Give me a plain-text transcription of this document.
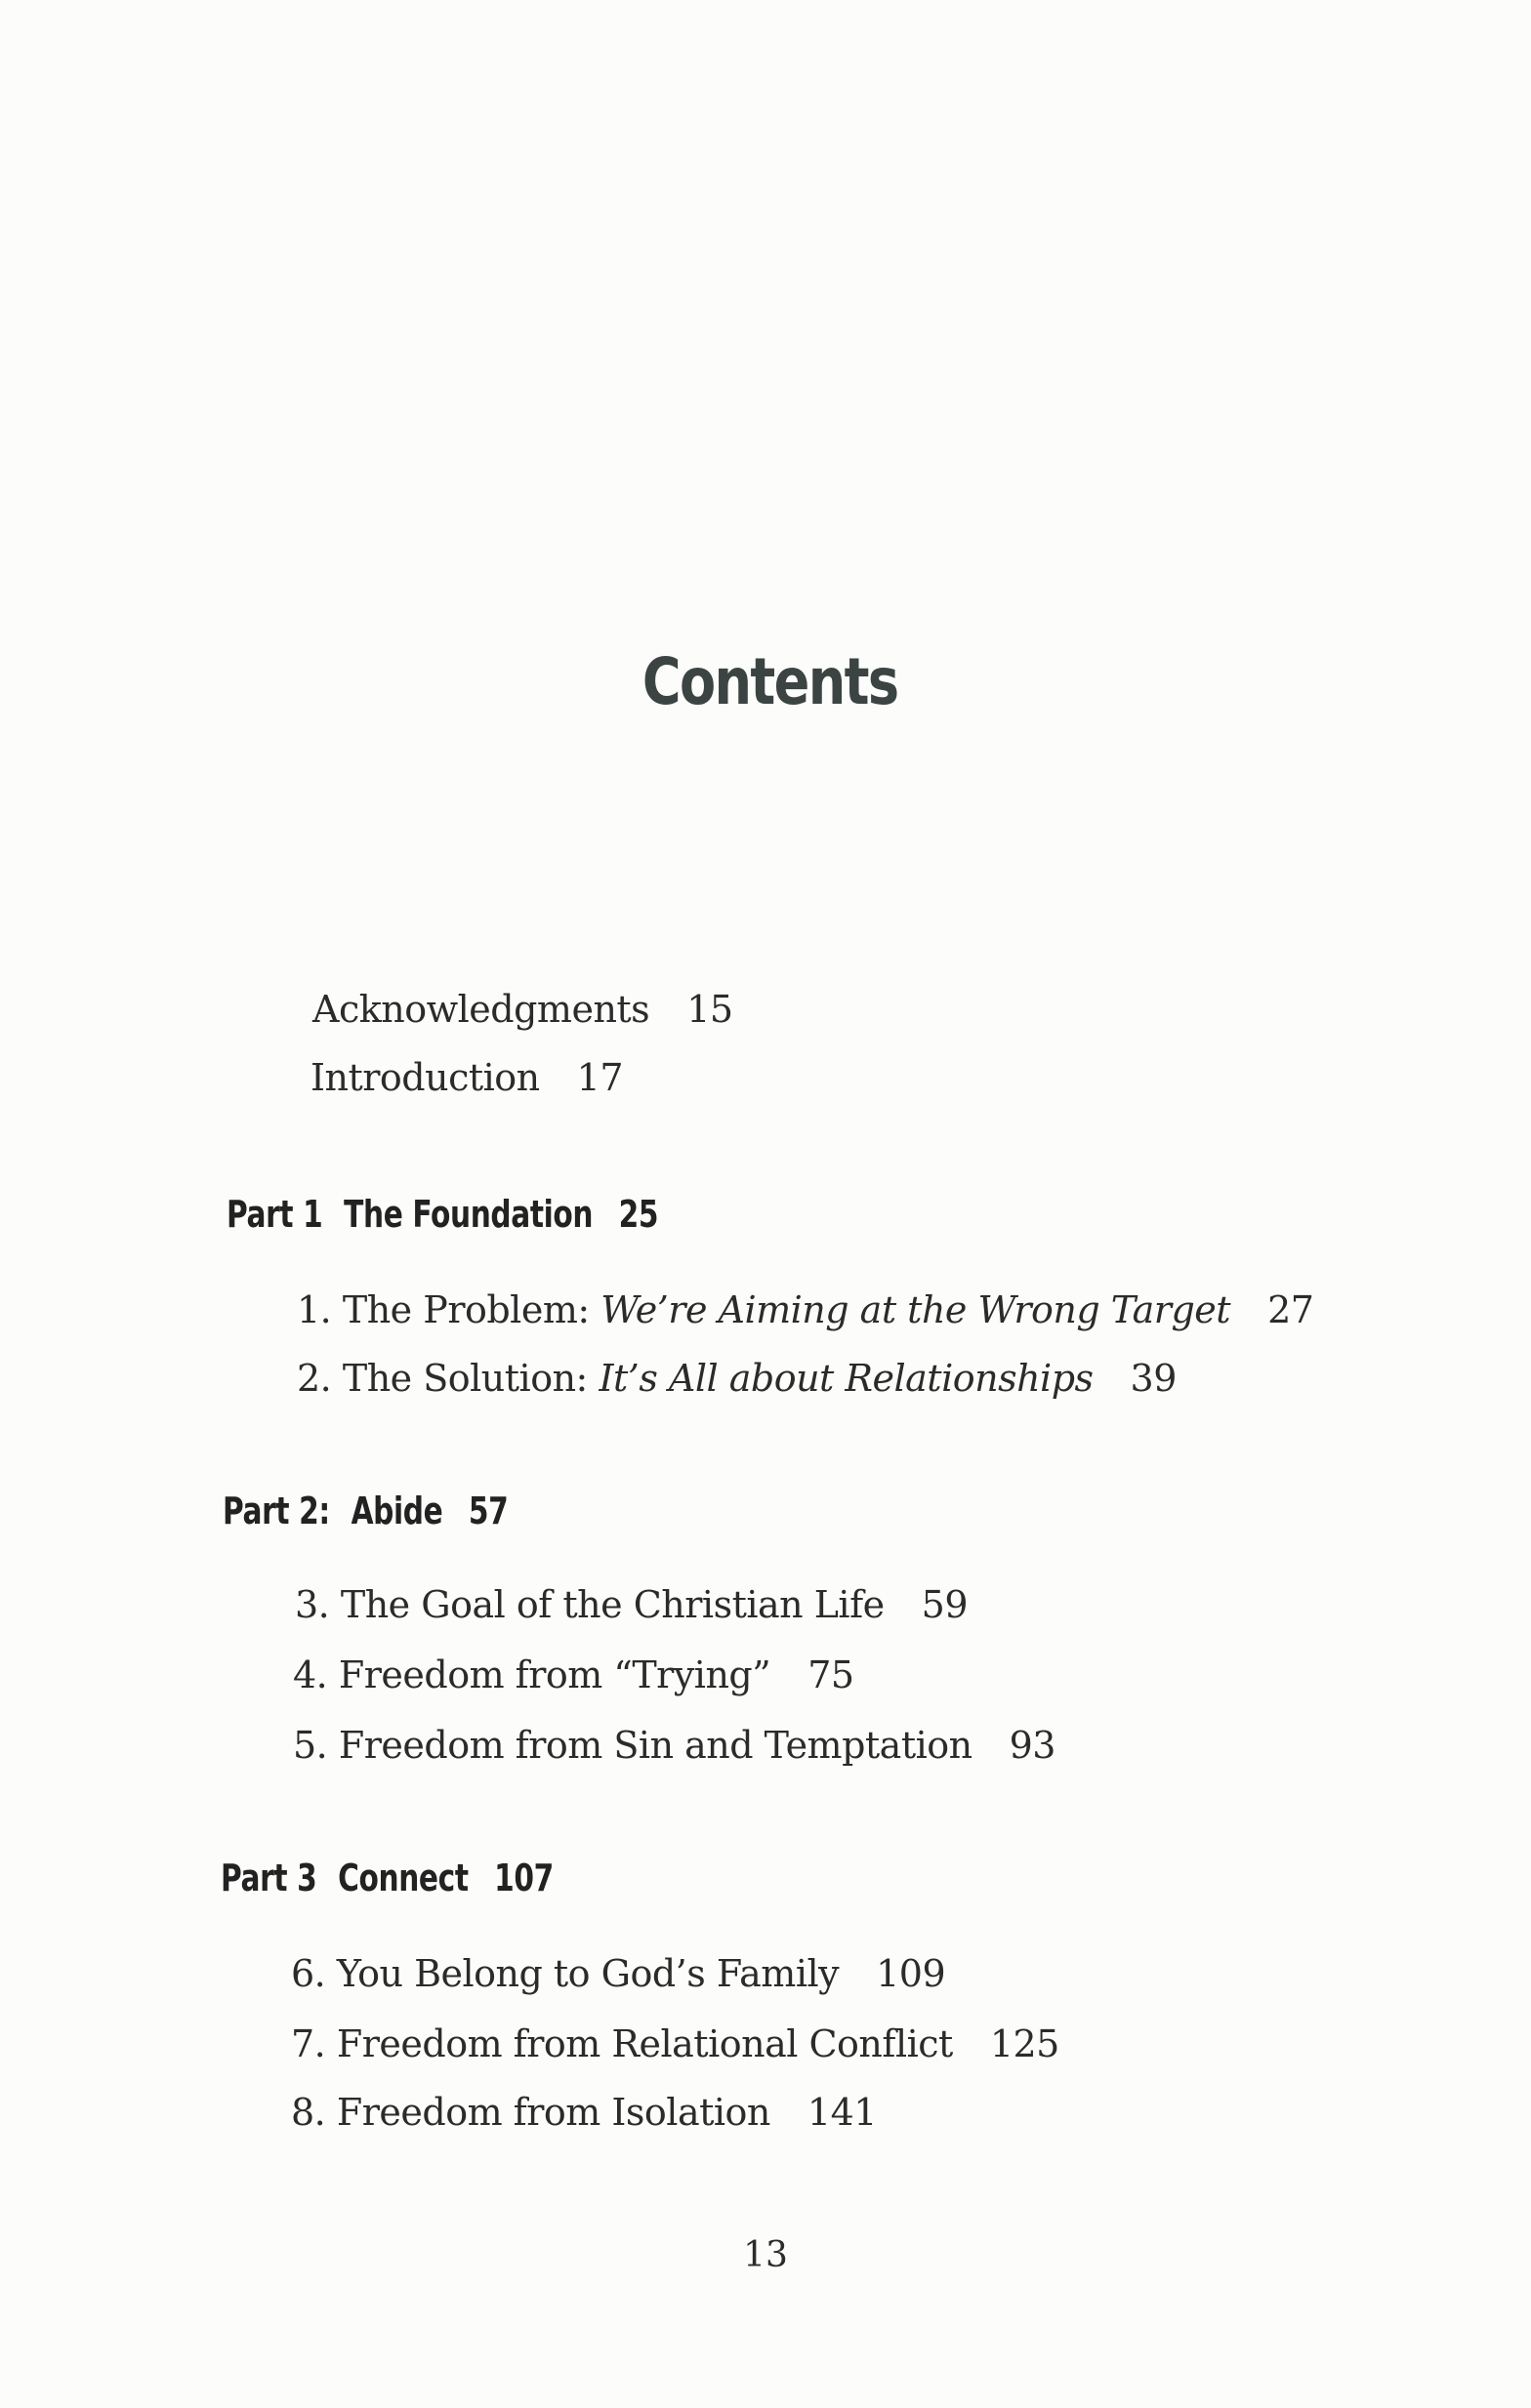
Contents
Acknowledgments 15
Introduction 17
Part 1 The Foundation 25
1. The Problem: We’re Aiming at the Wrong Target 27
2. The Solution: It’s All about Relationships 39
Part 2: Abide 57
3. The Goal of the Christian Life 59
4. Freedom from “Trying” 75
5. Freedom from Sin and Temptation 93
Part 3 Connect 107
6. You Belong to God’s Family 109
7. Freedom from Relational Conflict 125
8. Freedom from Isolation 141
13
